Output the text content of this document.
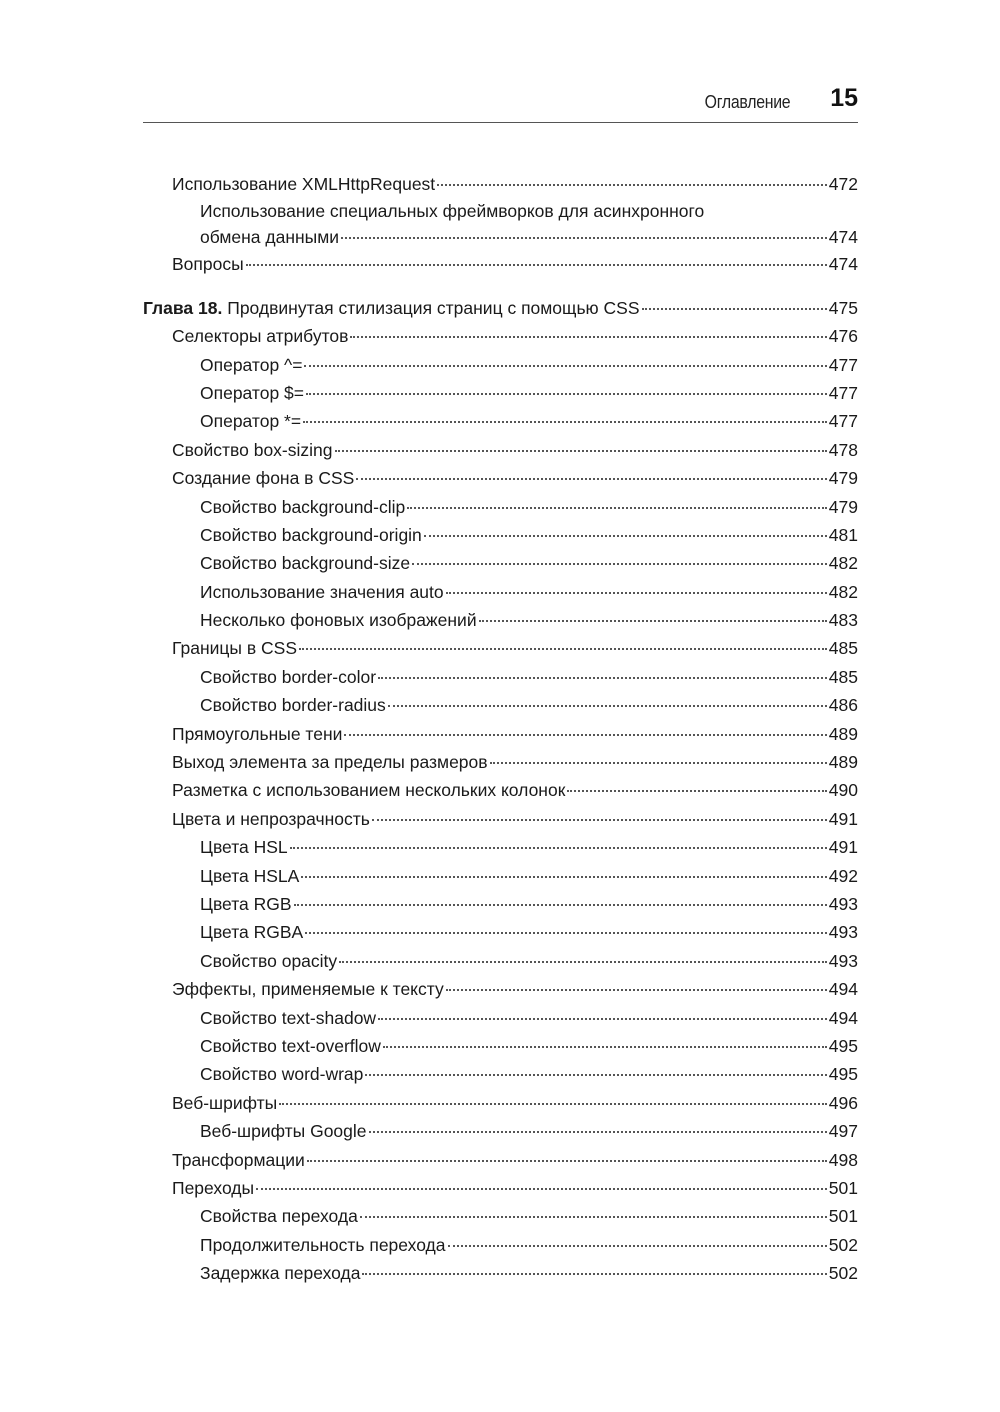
Оглавление 15
Использование XMLHttpRequest	472
Использование специальных фреймворков для асинхронного
обмена данными	474
Вопросы	474
Глава 18. Продвинутая стилизация страниц с помощью CSS	475
Селекторы атрибутов	476
Оператор ^=	477
Оператор $=	477
Оператор *=	477
Свойство box-sizing	478
Создание фона в CSS	479
Свойство background-clip	479
Свойство background-origin	481
Свойство background-size	482
Использование значения auto	482
Несколько фоновых изображений	483
Границы в CSS	485
Свойство border-color	485
Свойство border-radius	486
Прямоугольные тени	489
Выход элемента за пределы размеров	489
Разметка с использованием нескольких колонок	490
Цвета и непрозрачность	491
Цвета HSL	491
Цвета HSLA	492
Цвета RGB	493
Цвета RGBA	493
Свойство opacity	493
Эффекты, применяемые к тексту	494
Свойство text-shadow	494
Свойство text-overflow	495
Свойство word-wrap	495
Веб-шрифты	496
Веб-шрифты Google	497
Трансформации	498
Переходы	501
Свойства перехода	501
Продолжительность перехода	502
Задержка перехода	502
